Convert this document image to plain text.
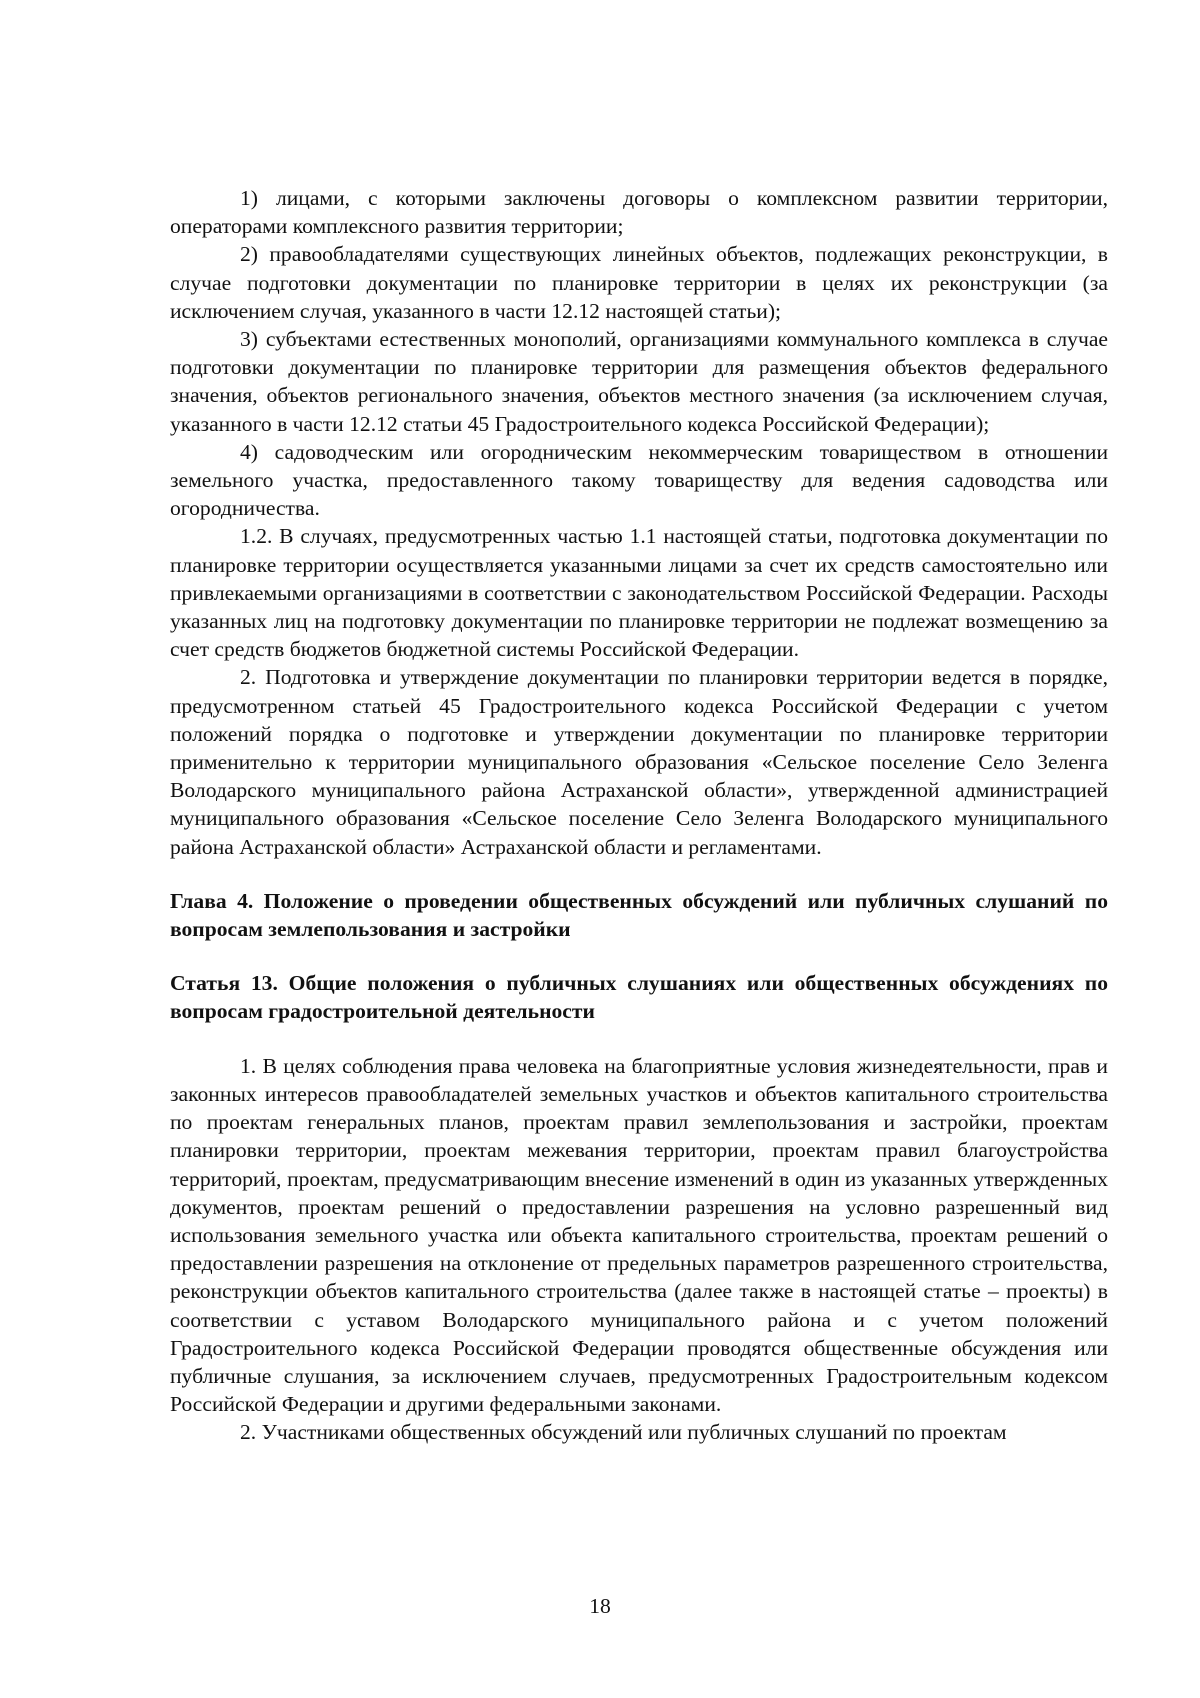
1) лицами, с которыми заключены договоры о комплексном развитии территории, операторами комплексного развития территории;

2) правообладателями существующих линейных объектов, подлежащих реконструкции, в случае подготовки документации по планировке территории в целях их реконструкции (за исключением случая, указанного в части 12.12 настоящей статьи);

3) субъектами естественных монополий, организациями коммунального комплекса в случае подготовки документации по планировке территории для размещения объектов федерального значения, объектов регионального значения, объектов местного значения (за исключением случая, указанного в части 12.12 статьи 45 Градостроительного кодекса Российской Федерации);

4) садоводческим или огородническим некоммерческим товариществом в отношении земельного участка, предоставленного такому товариществу для ведения садоводства или огородничества.

1.2. В случаях, предусмотренных частью 1.1 настоящей статьи, подготовка документации по планировке территории осуществляется указанными лицами за счет их средств самостоятельно или привлекаемыми организациями в соответствии с законодательством Российской Федерации. Расходы указанных лиц на подготовку документации по планировке территории не подлежат возмещению за счет средств бюджетов бюджетной системы Российской Федерации.

2. Подготовка и утверждение документации по планировки территории ведется в порядке, предусмотренном статьей 45 Градостроительного кодекса Российской Федерации с учетом положений порядка о подготовке и утверждении документации по планировке территории применительно к территории муниципального образования «Сельское поселение Село Зеленга Володарского муниципального района Астраханской области», утвержденной администрацией муниципального образования «Сельское поселение Село Зеленга Володарского муниципального района Астраханской области» Астраханской области и регламентами.

Глава 4. Положение о проведении общественных обсуждений или публичных слушаний по вопросам землепользования и застройки

Статья 13. Общие положения о публичных слушаниях или общественных обсуждениях по вопросам градостроительной деятельности

1. В целях соблюдения права человека на благоприятные условия жизнедеятельности, прав и законных интересов правообладателей земельных участков и объектов капитального строительства по проектам генеральных планов, проектам правил землепользования и застройки, проектам планировки территории, проектам межевания территории, проектам правил благоустройства территорий, проектам, предусматривающим внесение изменений в один из указанных утвержденных документов, проектам решений о предоставлении разрешения на условно разрешенный вид использования земельного участка или объекта капитального строительства, проектам решений о предоставлении разрешения на отклонение от предельных параметров разрешенного строительства, реконструкции объектов капитального строительства (далее также в настоящей статье – проекты) в соответствии с уставом Володарского муниципального района и с учетом положений Градостроительного кодекса Российской Федерации проводятся общественные обсуждения или публичные слушания, за исключением случаев, предусмотренных Градостроительным кодексом Российской Федерации и другими федеральными законами.

2. Участниками общественных обсуждений или публичных слушаний по проектам

18
